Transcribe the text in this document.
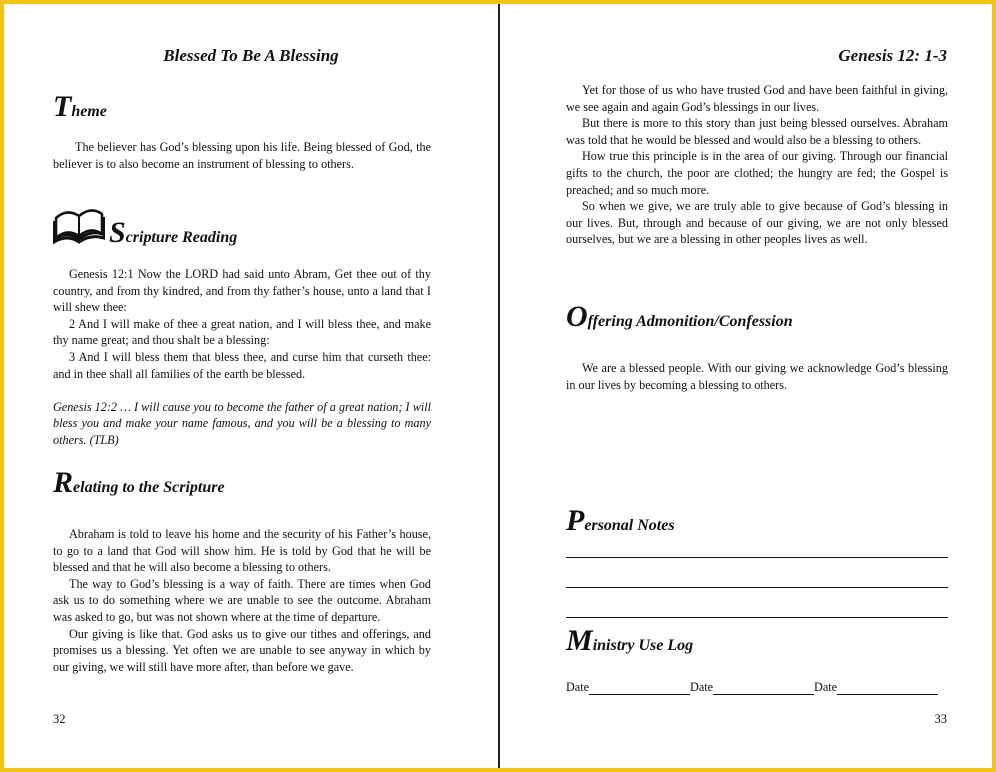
Blessed To Be A Blessing
Theme

The believer has God’s blessing upon his life. Being blessed of God, the believer is to also become an instrument of blessing to others.

Scripture Reading

Genesis 12:1 Now the LORD had said unto Abram, Get thee out of thy country, and from thy kindred, and from thy father’s house, unto a land that I will shew thee:

2 And I will make of thee a great nation, and I will bless thee, and make thy name great; and thou shalt be a blessing:

3 And I will bless them that bless thee, and curse him that curseth thee: and in thee shall all families of the earth be blessed.

Genesis 12:2 … I will cause you to become the father of a great nation; I will bless you and make your name famous, and you will be a blessing to many others. (TLB)

Relating to the Scripture

Abraham is told to leave his home and the security of his Father’s house, to go to a land that God will show him. He is told by God that he will be blessed and that he will also become a blessing to others.

The way to God’s blessing is a way of faith. There are times when God ask us to do something where we are unable to see the outcome. Abraham was asked to go, but was not shown where at the time of departure.

Our giving is like that. God asks us to give our tithes and offerings, and promises us a blessing. Yet often we are unable to see anyway in which by our giving, we will still have more after, than before we gave.

32
Genesis 12: 1-3

Yet for those of us who have trusted God and have been faithful in giving, we see again and again God’s blessings in our lives.

But there is more to this story than just being blessed ourselves. Abraham was told that he would be blessed and would also be a blessing to others.

How true this principle is in the area of our giving. Through our financial gifts to the church, the poor are clothed; the hungry are fed; the Gospel is preached; and so much more.

So when we give, we are truly able to give because of God’s blessing in our lives. But, through and because of our giving, we are not only blessed ourselves, but we are a blessing in other peoples lives as well.

Offering Admonition/Confession

We are a blessed people. With our giving we acknowledge God’s blessing in our lives by becoming a blessing to others.

Personal Notes
Ministry Use Log
Date	Date	Date
33
